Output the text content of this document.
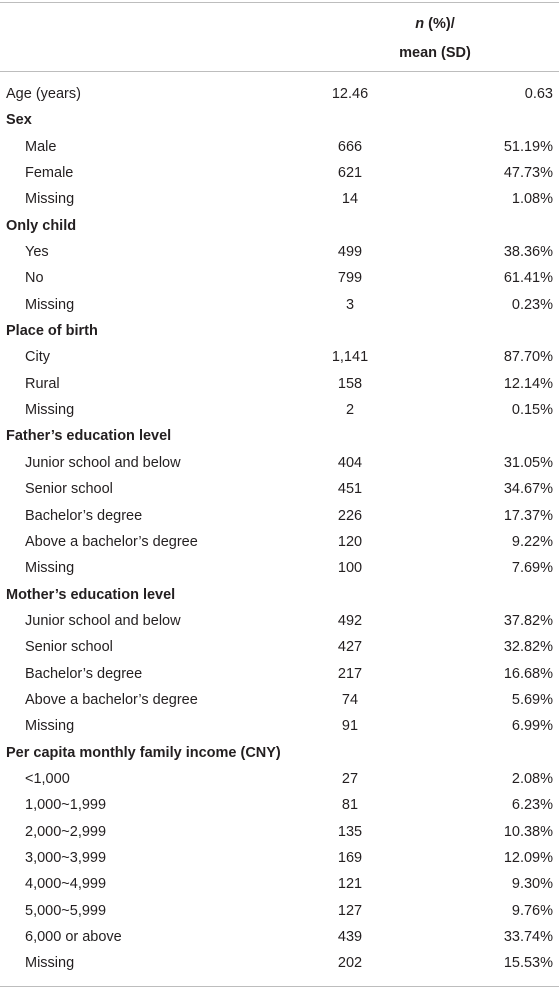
n (%)/
mean (SD)
Age (years)	12.46	0.63
Sex
Male	666	51.19%
Female	621	47.73%
Missing	14	1.08%
Only child
Yes	499	38.36%
No	799	61.41%
Missing	3	0.23%
Place of birth
City	1,141	87.70%
Rural	158	12.14%
Missing	2	0.15%
Father’s education level
Junior school and below	404	31.05%
Senior school	451	34.67%
Bachelor’s degree	226	17.37%
Above a bachelor’s degree	120	9.22%
Missing	100	7.69%
Mother’s education level
Junior school and below	492	37.82%
Senior school	427	32.82%
Bachelor’s degree	217	16.68%
Above a bachelor’s degree	74	5.69%
Missing	91	6.99%
Per capita monthly family income (CNY)
<1,000	27	2.08%
1,000~1,999	81	6.23%
2,000~2,999	135	10.38%
3,000~3,999	169	12.09%
4,000~4,999	121	9.30%
5,000~5,999	127	9.76%
6,000 or above	439	33.74%
Missing	202	15.53%
